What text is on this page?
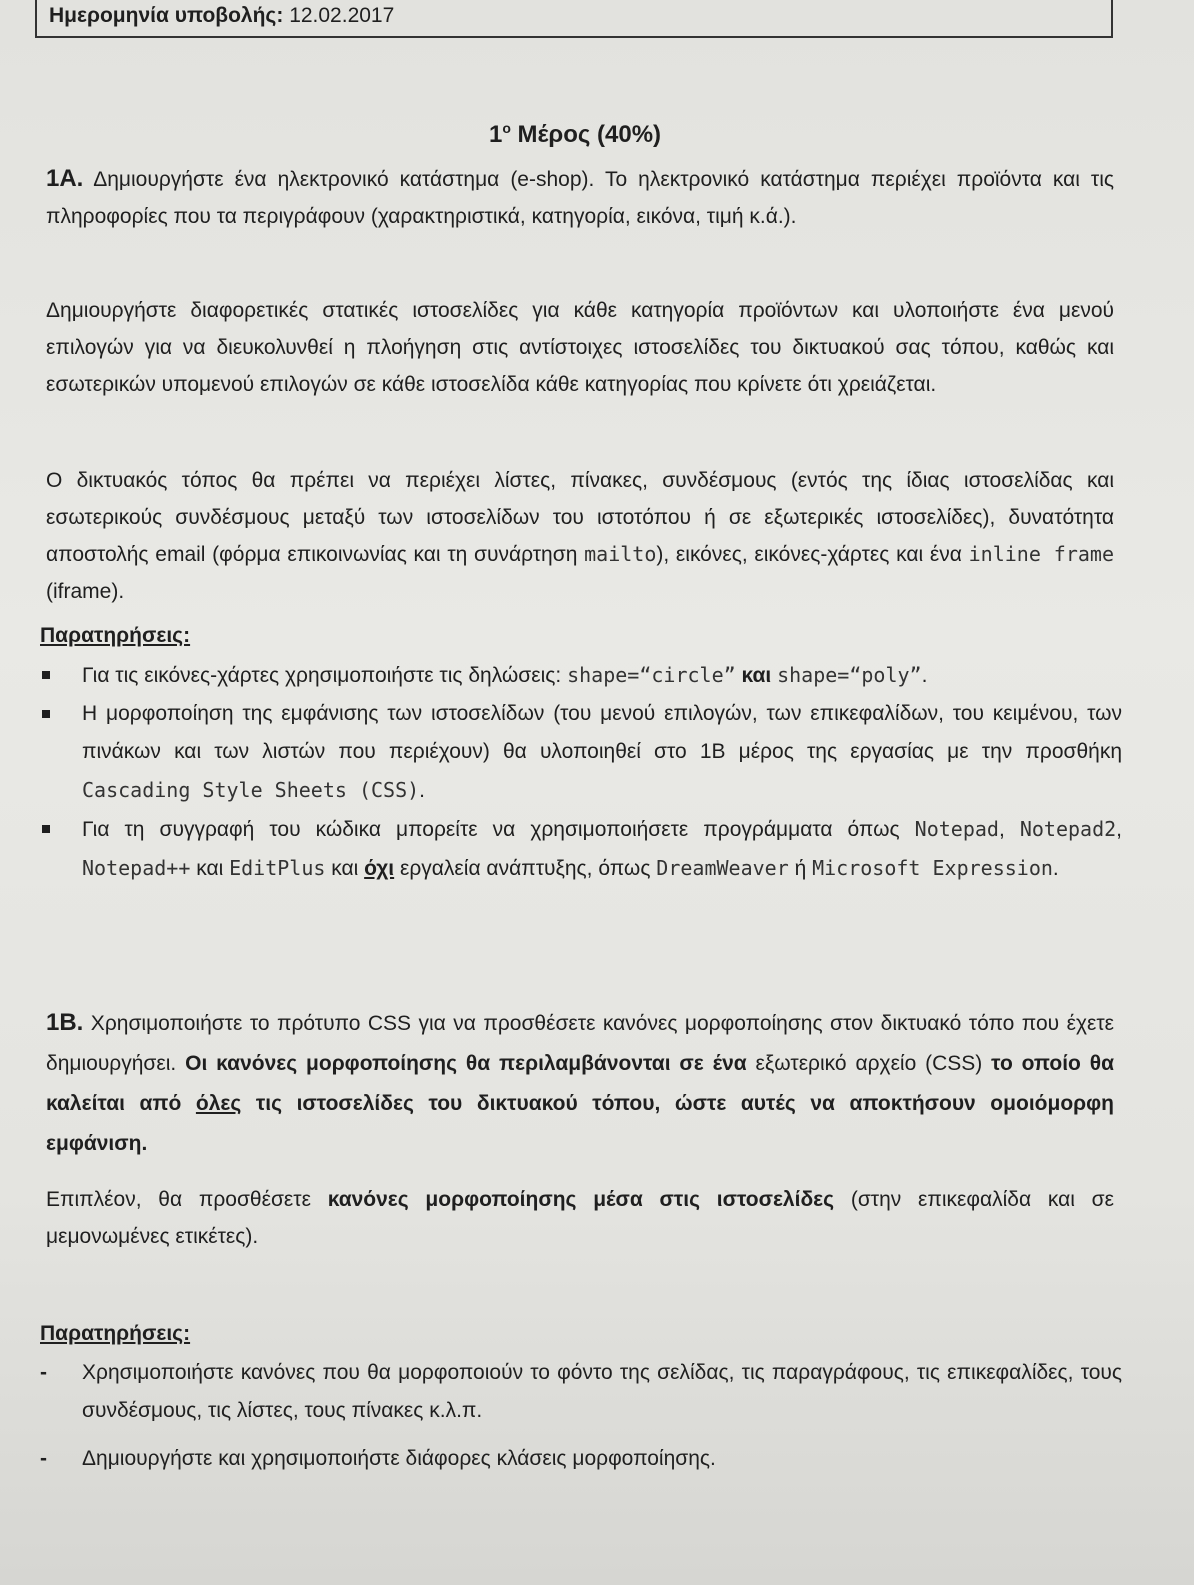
Ημερομηνία υποβολής: 12.02.2017
$1^o$ Μέρος (40%)
1Α. Δημιουργήστε ένα ηλεκτρονικό κατάστημα (e-shop). Το ηλεκτρονικό κατάστημα περιέχει προϊόντα και τις πληροφορίες που τα περιγράφουν (χαρακτηριστικά, κατηγορία, εικόνα, τιμή κ.ά.).
Δημιουργήστε διαφορετικές στατικές ιστοσελίδες για κάθε κατηγορία προϊόντων και υλοποιήστε ένα μενού επιλογών για να διευκολυνθεί η πλοήγηση στις αντίστοιχες ιστοσελίδες του δικτυακού σας τόπου, καθώς και εσωτερικών υπομενού επιλογών σε κάθε ιστοσελίδα κάθε κατηγορίας που κρίνετε ότι χρειάζεται.
Ο δικτυακός τόπος θα πρέπει να περιέχει λίστες, πίνακες, συνδέσμους (εντός της ίδιας ιστοσελίδας και εσωτερικούς συνδέσμους μεταξύ των ιστοσελίδων του ιστοτόπου ή σε εξωτερικές ιστοσελίδες), δυνατότητα αποστολής email (φόρμα επικοινωνίας και τη συνάρτηση mailto), εικόνες, εικόνες-χάρτες και ένα inline frame (iframe).
Παρατηρήσεις:
Για τις εικόνες-χάρτες χρησιμοποιήστε τις δηλώσεις: shape=“circle” και shape=“poly”.
Η μορφοποίηση της εμφάνισης των ιστοσελίδων (του μενού επιλογών, των επικεφαλίδων, του κειμένου, των πινάκων και των λιστών που περιέχουν) θα υλοποιηθεί στο 1Β μέρος της εργασίας με την προσθήκη Cascading Style Sheets (CSS).
Για τη συγγραφή του κώδικα μπορείτε να χρησιμοποιήσετε προγράμματα όπως Notepad, Notepad2, Notepad++ και EditPlus και όχι εργαλεία ανάπτυξης, όπως DreamWeaver ή Microsoft Expression.
1Β. Χρησιμοποιήστε το πρότυπο CSS για να προσθέσετε κανόνες μορφοποίησης στον δικτυακό τόπο που έχετε δημιουργήσει. Οι κανόνες μορφοποίησης θα περιλαμβάνονται σε ένα εξωτερικό αρχείο (CSS) το οποίο θα καλείται από όλες τις ιστοσελίδες του δικτυακού τόπου, ώστε αυτές να αποκτήσουν ομοιόμορφη εμφάνιση.
Επιπλέον, θα προσθέσετε κανόνες μορφοποίησης μέσα στις ιστοσελίδες (στην επικεφαλίδα και σε μεμονωμένες ετικέτες).
Παρατηρήσεις:
- Χρησιμοποιήστε κανόνες που θα μορφοποιούν το φόντο της σελίδας, τις παραγράφους, τις επικεφαλίδες, τους συνδέσμους, τις λίστες, τους πίνακες κ.λ.π.
- Δημιουργήστε και χρησιμοποιήστε διάφορες κλάσεις μορφοποίησης.
